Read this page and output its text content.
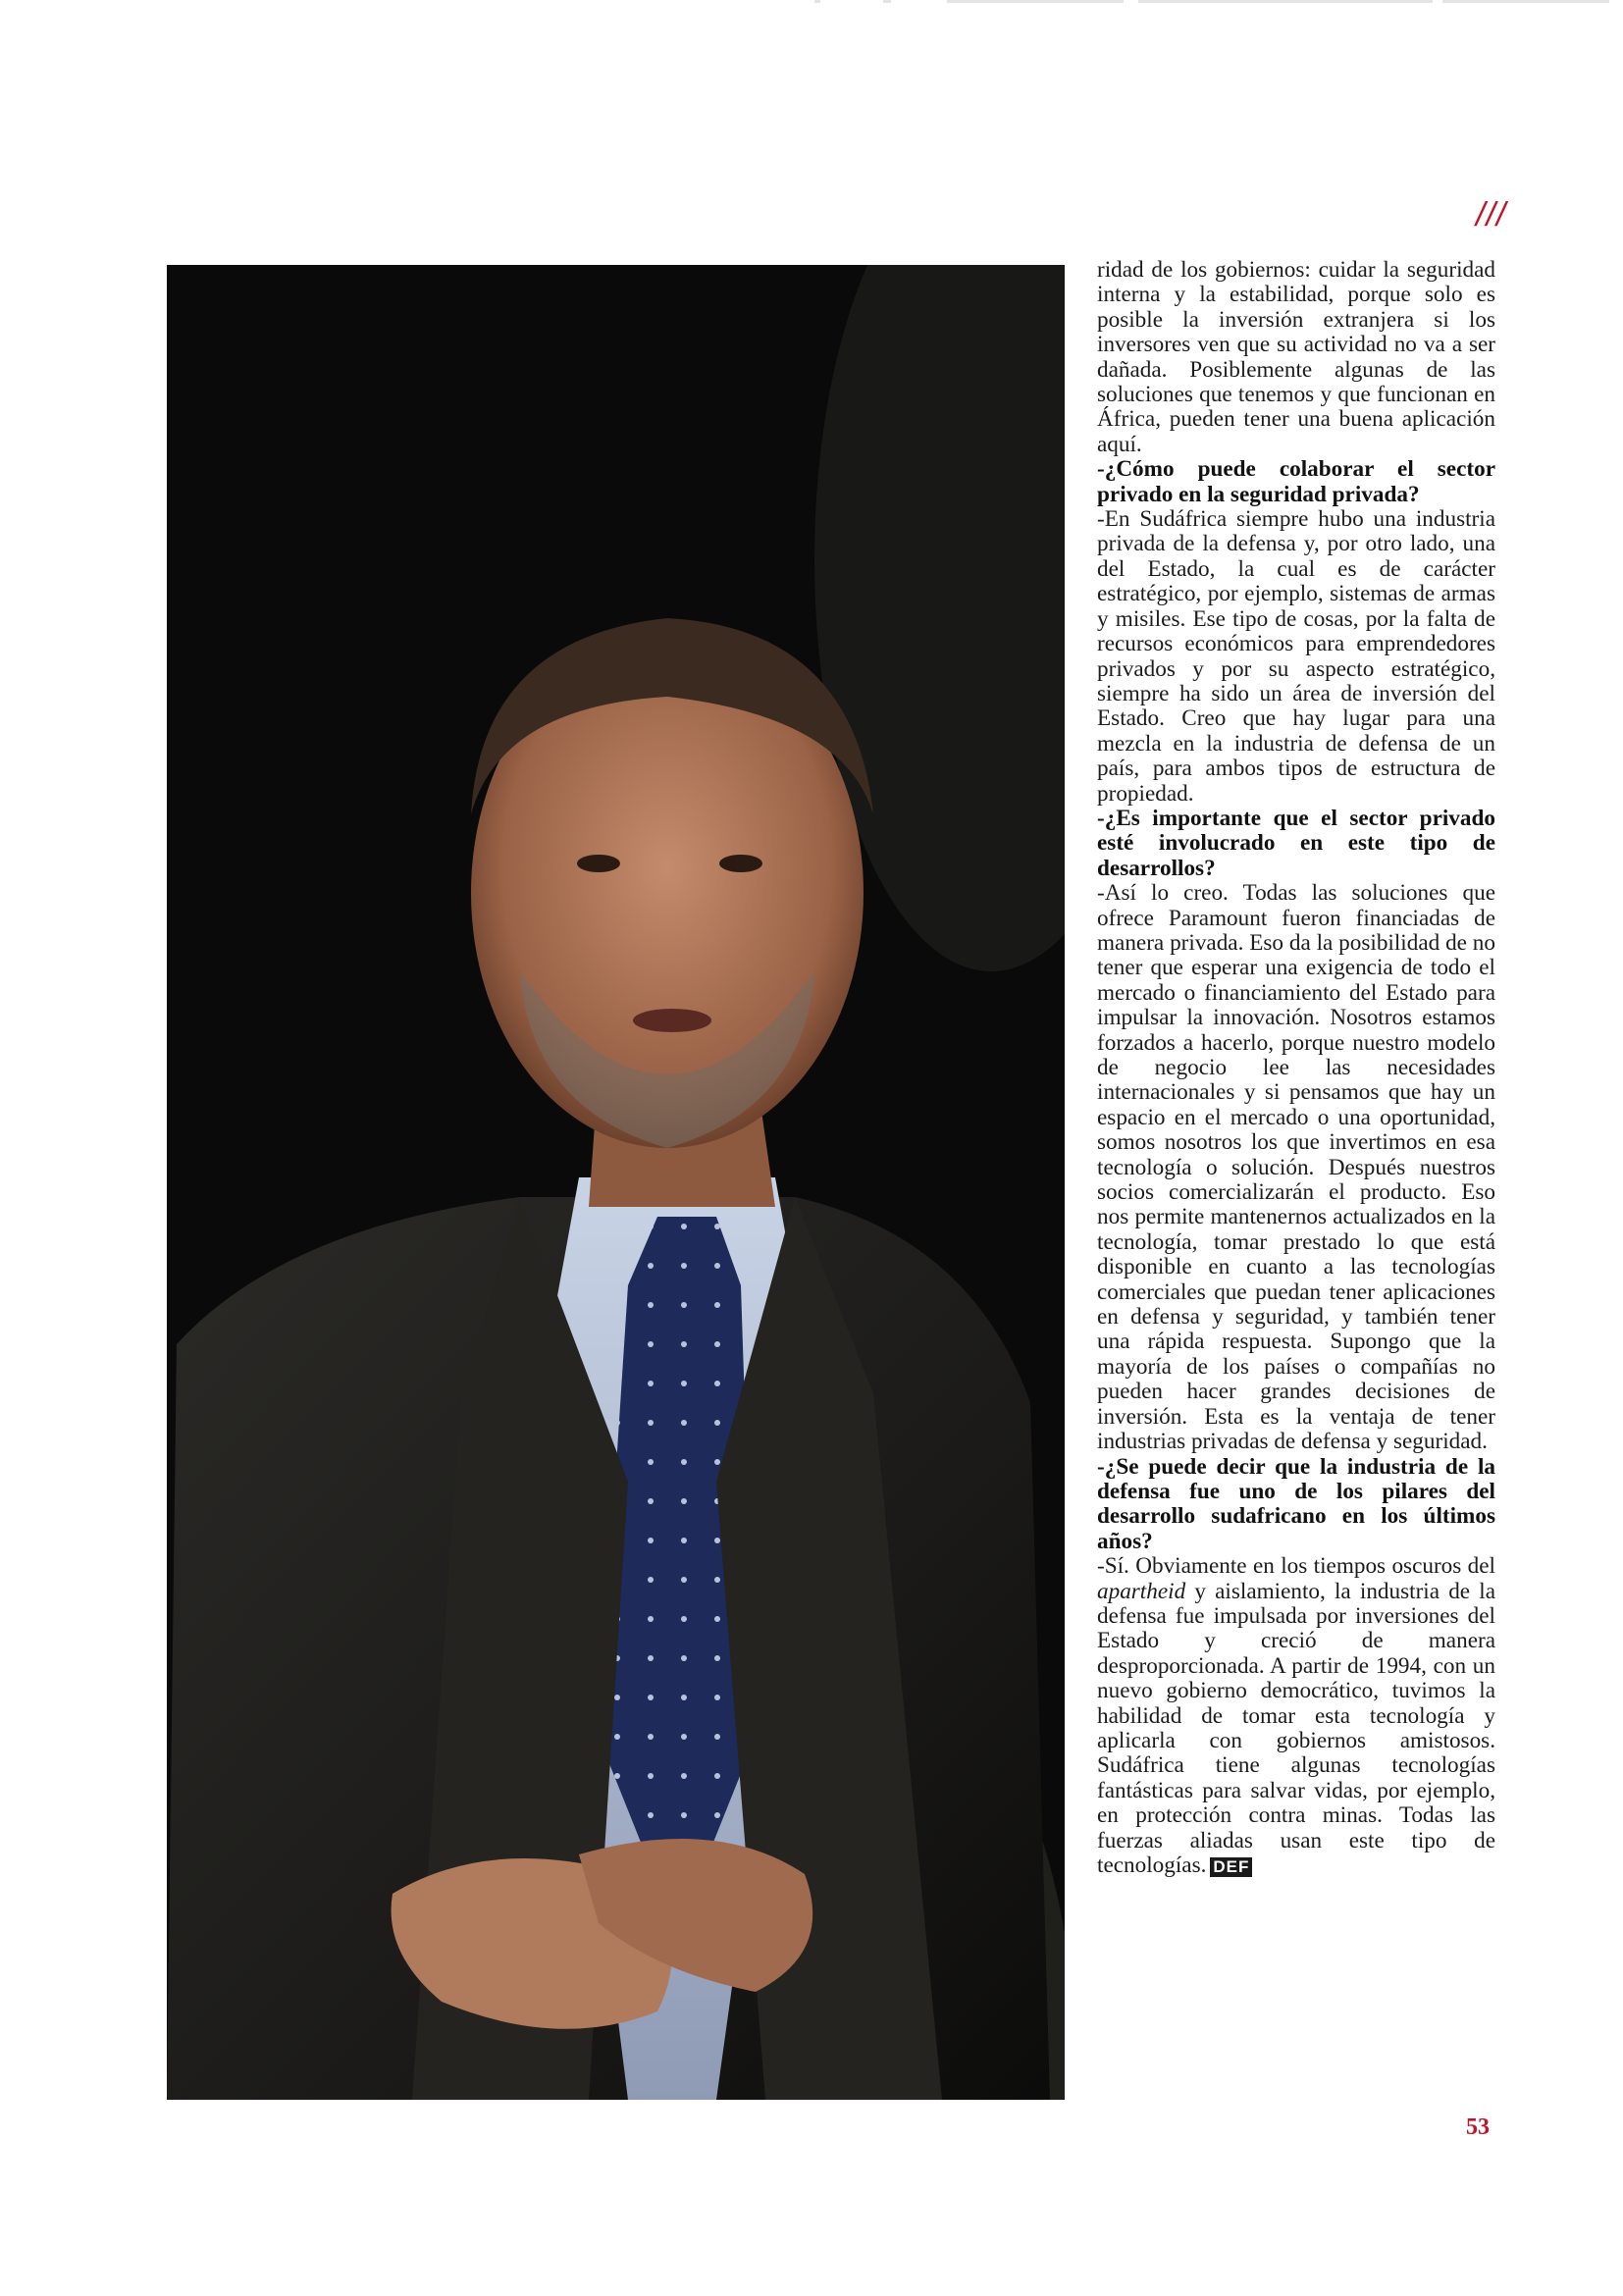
///

ridad de los gobiernos: cuidar la seguridad interna y la estabilidad, porque solo es posible la inversión extranjera si los inversores ven que su actividad no va a ser dañada. Posiblemente algunas de las soluciones que tenemos y que funcionan en África, pueden tener una buena aplicación aquí.

-¿Cómo puede colaborar el sector privado en la seguridad privada?

-En Sudáfrica siempre hubo una industria privada de la defensa y, por otro lado, una del Estado, la cual es de carácter estratégico, por ejemplo, sistemas de armas y misiles. Ese tipo de cosas, por la falta de recursos económicos para emprendedores privados y por su aspecto estratégico, siempre ha sido un área de inversión del Estado. Creo que hay lugar para una mezcla en la industria de defensa de un país, para ambos tipos de estructura de propiedad.

-¿Es importante que el sector privado esté involucrado en este tipo de desarrollos?

-Así lo creo. Todas las soluciones que ofrece Paramount fueron financiadas de manera privada. Eso da la posibilidad de no tener que esperar una exigencia de todo el mercado o financiamiento del Estado para impulsar la innovación. Nosotros estamos forzados a hacerlo, porque nuestro modelo de negocio lee las necesidades internacionales y si pensamos que hay un espacio en el mercado o una oportunidad, somos nosotros los que invertimos en esa tecnología o solución. Después nuestros socios comercializarán el producto. Eso nos permite mantenernos actualizados en la tecnología, tomar prestado lo que está disponible en cuanto a las tecnologías comerciales que puedan tener aplicaciones en defensa y seguridad, y también tener una rápida respuesta. Supongo que la mayoría de los países o compañías no pueden hacer grandes decisiones de inversión. Esta es la ventaja de tener industrias privadas de defensa y seguridad.

-¿Se puede decir que la industria de la defensa fue uno de los pilares del desarrollo sudafricano en los últimos años?

-Sí. Obviamente en los tiempos oscuros del apartheid y aislamiento, la industria de la defensa fue impulsada por inversiones del Estado y creció de manera desproporcionada. A partir de 1994, con un nuevo gobierno democrático, tuvimos la habilidad de tomar esta tecnología y aplicarla con gobiernos amistosos. Sudáfrica tiene algunas tecnologías fantásticas para salvar vidas, por ejemplo, en protección contra minas. Todas las fuerzas aliadas usan este tipo de tecnologías. DEF

53
